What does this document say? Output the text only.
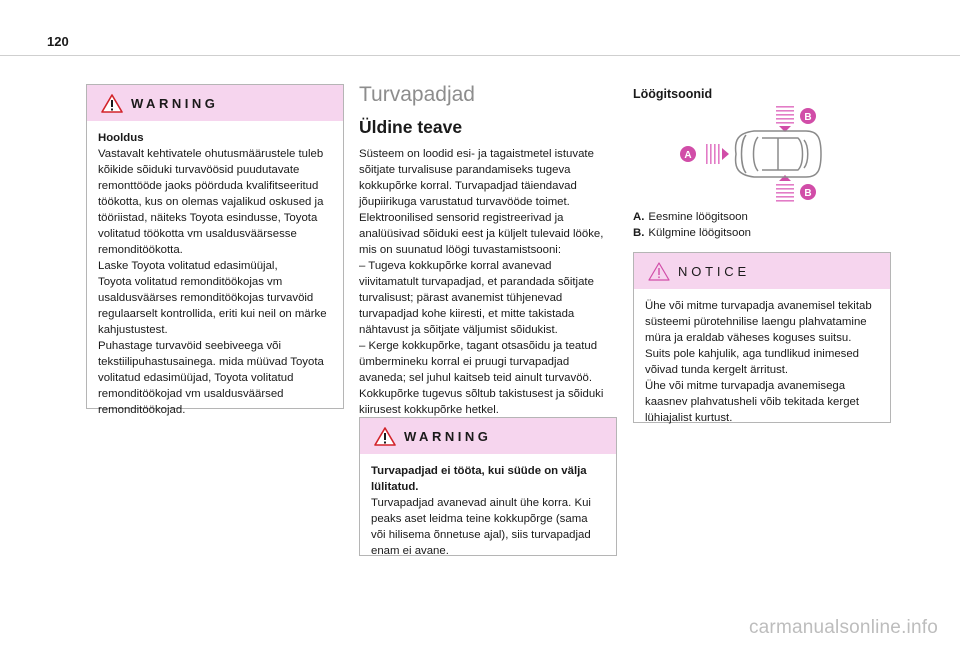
120
WARNING

Hooldus

Vastavalt kehtivatele ohutusmäärustele tuleb

kõikide sõiduki turvavöösid puudutavate

remonttööde jaoks pöörduda kvalifitseeritud

töökotta, kus on olemas vajalikud oskused ja

tööriistad, näiteks Toyota esindusse, Toyota

volitatud töökotta vm usaldusväärsesse

remonditöökotta.

Laske Toyota volitatud edasimüüjal,

Toyota volitatud remonditöökojas vm

usaldusväärses remonditöökojas turvavöid

regulaarselt kontrollida, eriti kui neil on märke

kahjustustest.

Puhastage turvavöid seebiveega või

tekstiilipuhastusainega. mida müüvad Toyota

volitatud edasimüüjad, Toyota volitatud

remonditöökojad vm usaldusväärsed

remonditöökojad.

Turvapadjad
Üldine teave

Süsteem on loodid esi- ja tagaistmetel istuvate

sõitjate turvalisuse parandamiseks tugeva

kokkupõrke korral. Turvapadjad täiendavad

jõupiirikuga varustatud turvavööde toimet.

Elektroonilised sensorid registreerivad ja

analüüsivad sõiduki eest ja küljelt tulevaid lööke,

mis on suunatud löögi tuvastamistsooni:

– Tugeva kokkupõrke korral avanevad

viivitamatult turvapadjad, et parandada sõitjate

turvalisust; pärast avanemist tühjenevad

turvapadjad kohe kiiresti, et mitte takistada

nähtavust ja sõitjate väljumist sõidukist.

– Kerge kokkupõrke, tagant otsasõidu ja teatud

ümbermineku korral ei pruugi turvapadjad

avaneda; sel juhul kaitseb teid ainult turvavöö.

Kokkupõrke tugevus sõltub takistusest ja sõiduki

kiirusest kokkupõrke hetkel.

WARNING

Turvapadjad ei tööta, kui süüde on välja

lülitatud.

Turvapadjad avanevad ainult ühe korra. Kui

peaks aset leidma teine kokkupõrge (sama

või hilisema õnnetuse ajal), siis turvapadjad

enam ei avane.

Löögitsoonid
A
B
B
A. Eesmine löögitsoon
B. Külgmine löögitsoon
NOTICE

Ühe või mitme turvapadja avanemisel tekitab

süsteemi pürotehnilise laengu plahvatamine

müra ja eraldab väheses koguses suitsu.

Suits pole kahjulik, aga tundlikud inimesed

võivad tunda kergelt ärritust.

Ühe või mitme turvapadja avanemisega

kaasnev plahvatusheli võib tekitada kerget

lühiajalist kurtust.

carmanualsonline.info
